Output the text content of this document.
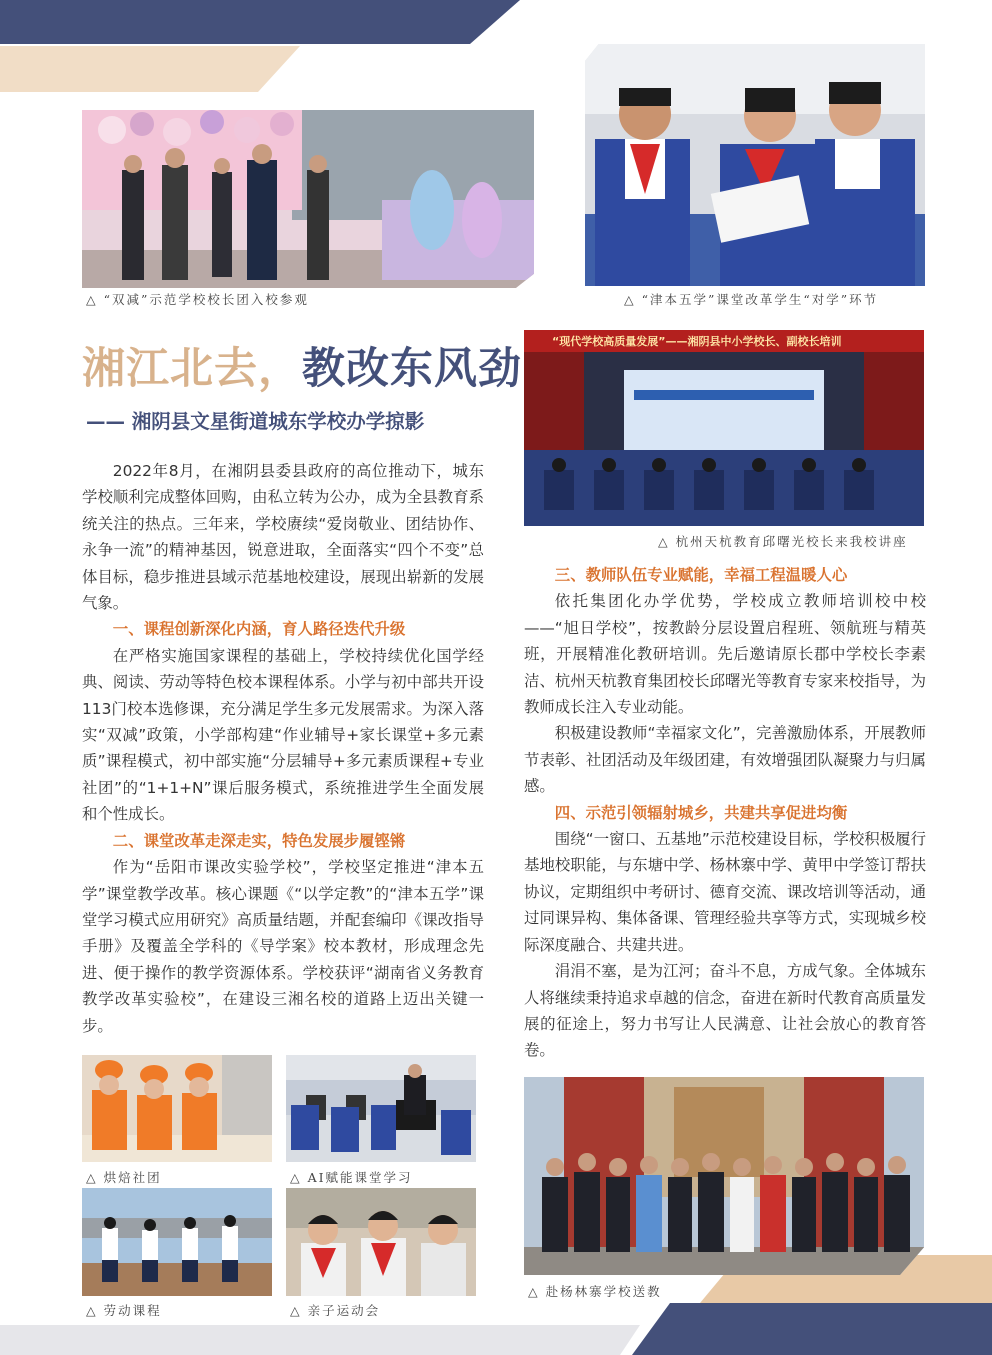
△ “双减”示范学校校长团入校参观	△ “津本五学”课堂改革学生“对学”环节
湘江北去，教改东风劲
—— 湘阴县文星街道城东学校办学掠影

2022年8月，在湘阴县委县政府的高位推动下，城东学校顺利完成整体回购，由私立转为公办，成为全县教育系统关注的热点。三年来，学校赓续“爱岗敬业、团结协作、永争一流”的精神基因，锐意进取，全面落实“四个不变”总体目标，稳步推进县域示范基地校建设，展现出崭新的发展气象。

一、课程创新深化内涵，育人路径迭代升级

在严格实施国家课程的基础上，学校持续优化国学经典、阅读、劳动等特色校本课程体系。小学与初中部共开设113门校本选修课，充分满足学生多元发展需求。为深入落实“双减”政策，小学部构建“作业辅导+家长课堂+多元素质”课程模式，初中部实施“分层辅导+多元素质课程+专业社团”的“1+1+N”课后服务模式，系统推进学生全面发展和个性成长。

二、课堂改革走深走实，特色发展步履铿锵

作为“岳阳市课改实验学校”，学校坚定推进“津本五学”课堂教学改革。核心课题《“以学定教”的“津本五学”课堂学习模式应用研究》高质量结题，并配套编印《课改指导手册》及覆盖全学科的《导学案》校本教材，形成理念先进、便于操作的教学资源体系。学校获评“湖南省义务教育教学改革实验校”，在建设三湘名校的道路上迈出关键一步。

“现代学校高质量发展”——湘阴县中小学校长、副校长培训
△ 杭州天杭教育邱曙光校长来我校讲座
三、教师队伍专业赋能，幸福工程温暖人心

依托集团化办学优势，学校成立教师培训校中校——“旭日学校”，按教龄分层设置启程班、领航班与精英班，开展精准化教研培训。先后邀请原长郡中学校长李素洁、杭州天杭教育集团校长邱曙光等教育专家来校指导，为教师成长注入专业动能。

积极建设教师“幸福家文化”，完善激励体系，开展教师节表彰、社团活动及年级团建，有效增强团队凝聚力与归属感。

四、示范引领辐射城乡，共建共享促进均衡

围绕“一窗口、五基地”示范校建设目标，学校积极履行基地校职能，与东塘中学、杨林寨中学、黄甲中学签订帮扶协议，定期组织中考研讨、德育交流、课改培训等活动，通过同课异构、集体备课、管理经验共享等方式，实现城乡校际深度融合、共建共进。

涓涓不塞，是为江河；奋斗不息，方成气象。全体城东人将继续秉持追求卓越的信念，奋进在新时代教育高质量发展的征途上，努力书写让人民满意、让社会放心的教育答卷。

△ 烘焙社团	△ AI赋能课堂学习
△ 劳动课程	△ 亲子运动会
△ 赴杨林寨学校送教
